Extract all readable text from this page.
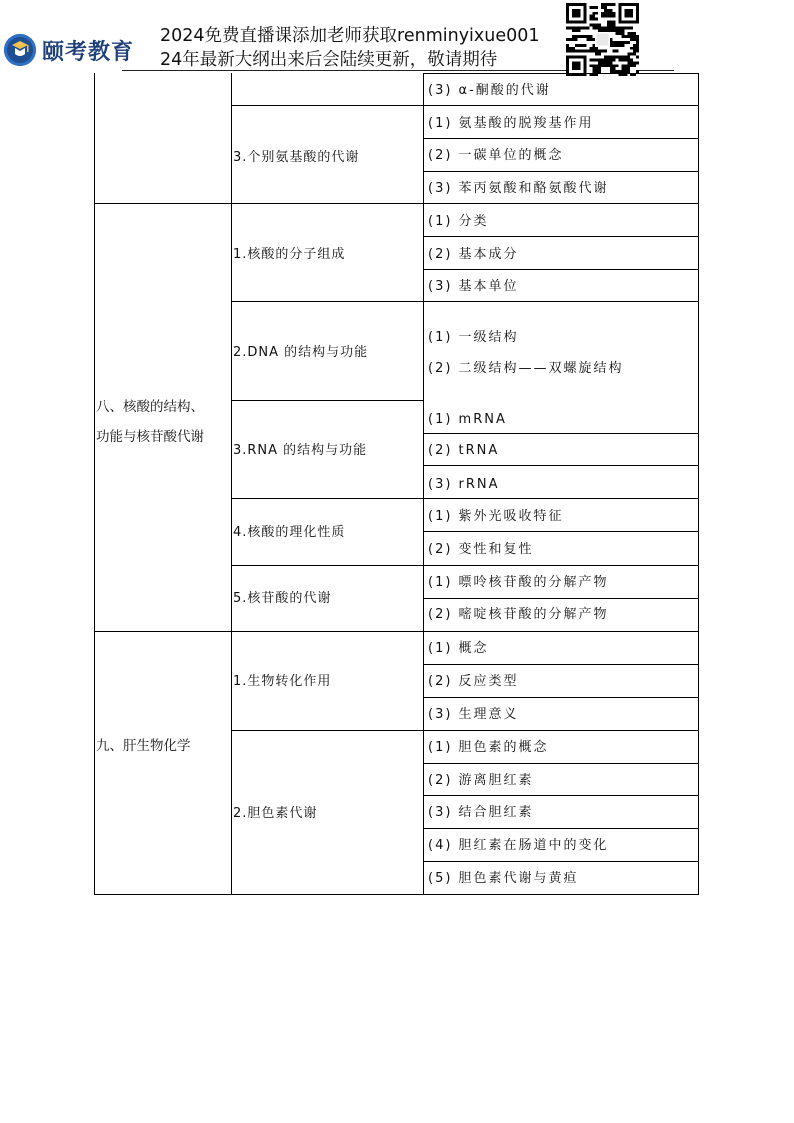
颐考教育
2024免费直播课添加老师获取renminyixue001
24年最新大纲出来后会陆续更新，敬请期待
(3) α-酮酸的代谢
3.个别氨基酸的代谢
(1) 氨基酸的脱羧基作用
(2) 一碳单位的概念
(3) 苯丙氨酸和酪氨酸代谢
八、核酸的结构、
功能与核苷酸代谢
1.核酸的分子组成
(1) 分类
(2) 基本成分
(3) 基本单位
2.DNA 的结构与功能
(1) 一级结构
(2) 二级结构——双螺旋结构
3.RNA 的结构与功能
(1) mRNA
(2) tRNA
(3) rRNA
4.核酸的理化性质
(1) 紫外光吸收特征
(2) 变性和复性
5.核苷酸的代谢
(1) 嘌呤核苷酸的分解产物
(2) 嘧啶核苷酸的分解产物
九、肝生物化学
1.生物转化作用
(1) 概念
(2) 反应类型
(3) 生理意义
2.胆色素代谢
(1) 胆色素的概念
(2) 游离胆红素
(3) 结合胆红素
(4) 胆红素在肠道中的变化
(5) 胆色素代谢与黄疸
